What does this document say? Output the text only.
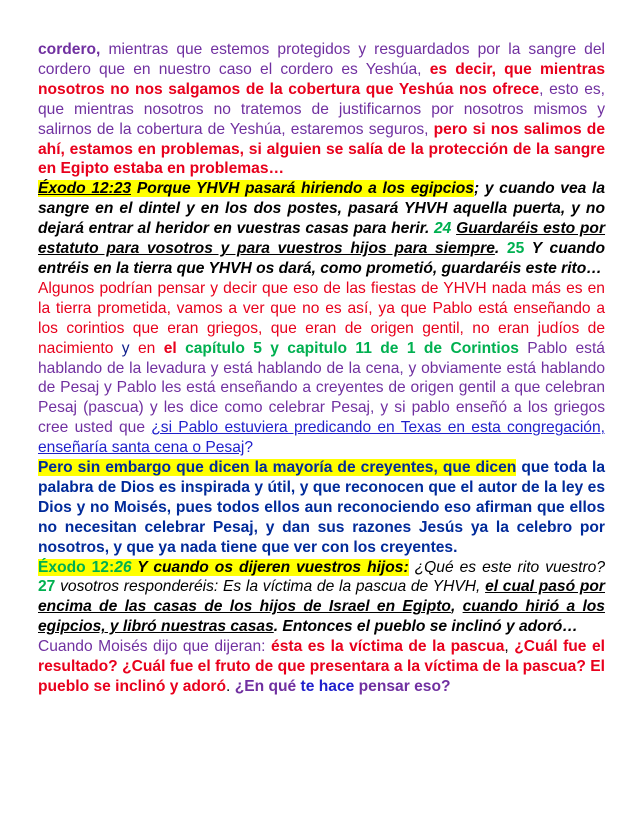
cordero, mientras que estemos protegidos y resguardados por la sangre del cordero que en nuestro caso el cordero es Yeshúa, es decir, que mientras nosotros no nos salgamos de la cobertura que Yeshúa nos ofrece, esto es, que mientras nosotros no tratemos de justificarnos por nosotros mismos y salirnos de la cobertura de Yeshúa, estaremos seguros, pero si nos salimos de ahí, estamos en problemas, si alguien se salía de la protección de la sangre en Egipto estaba en problemas…

Éxodo 12:23 Porque YHVH pasará hiriendo a los egipcios; y cuando vea la sangre en el dintel y en los dos postes, pasará YHVH aquella puerta, y no dejará entrar al heridor en vuestras casas para herir. 24 Guardaréis esto por estatuto para vosotros y para vuestros hijos para siempre. 25 Y cuando entréis en la tierra que YHVH os dará, como prometió, guardaréis este rito…

Algunos podrían pensar y decir que eso de las fiestas de YHVH nada más es en la tierra prometida, vamos a ver que no es así, ya que Pablo está enseñando a los corintios que eran griegos, que eran de origen gentil, no eran judíos de nacimiento y en el capítulo 5 y capitulo 11 de 1 de Corintios Pablo está hablando de la levadura y está hablando de la cena, y obviamente está hablando de Pesaj y Pablo les está enseñando a creyentes de origen gentil a que celebran Pesaj (pascua) y les dice como celebrar Pesaj, y si pablo enseñó a los griegos cree usted que ¿si Pablo estuviera predicando en Texas en esta congregación, enseñaría santa cena o Pesaj?

Pero sin embargo que dicen la mayoría de creyentes, que dicen que toda la palabra de Dios es inspirada y útil, y que reconocen que el autor de la ley es Dios y no Moisés, pues todos ellos aun reconociendo eso afirman que ellos no necesitan celebrar Pesaj, y dan sus razones Jesús ya la celebro por nosotros, y que ya nada tiene que ver con los creyentes.

Éxodo 12:26 Y cuando os dijeren vuestros hijos: ¿Qué es este rito vuestro? 27 vosotros responderéis: Es la víctima de la pascua de YHVH, el cual pasó por encima de las casas de los hijos de Israel en Egipto, cuando hirió a los egipcios, y libró nuestras casas. Entonces el pueblo se inclinó y adoró…

Cuando Moisés dijo que dijeran: ésta es la víctima de la pascua, ¿Cuál fue el resultado? ¿Cuál fue el fruto de que presentara a la víctima de la pascua? El pueblo se inclinó y adoró. ¿En qué te hace pensar eso?
